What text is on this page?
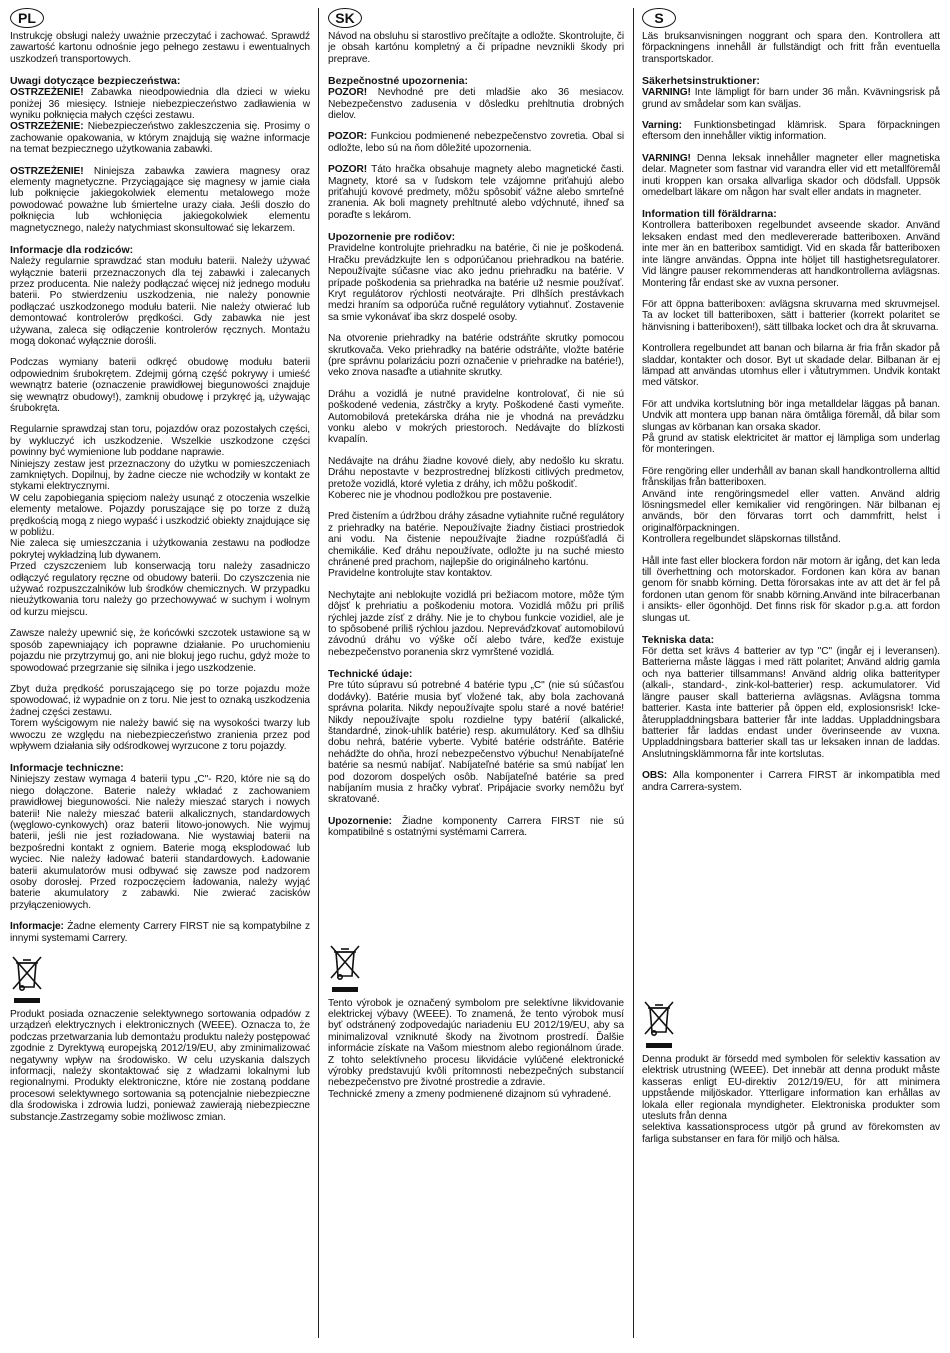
PL

Instrukcję obsługi należy uważnie przeczytać i zachować. Sprawdź zawartość kartonu odnośnie jego pełnego zestawu i ewentualnych uszkodzeń transportowych.

Uwagi dotyczące bezpieczeństwa:

OSTRZEŻENIE! Zabawka nieodpowiednia dla dzieci w wieku poniżej 36 miesięcy. Istnieje niebezpieczeństwo zadławienia w wyniku połknięcia małych części zestawu.

OSTRZEŻENIE: Niebezpieczeństwo zakleszczenia się. Prosimy o zachowanie opakowania, w którym znajdują się ważne informacje na temat bezpiecznego użytkowania zabawki.

OSTRZEŻENIE! Niniejsza zabawka zawiera magnesy oraz elementy magnetyczne. Przyciągające się magnesy w jamie ciała lub połknięcie jakiegokolwiek elementu metalowego może powodować poważne lub śmiertelne urazy ciała. Jeśli doszło do połknięcia lub wchłonięcia jakiegokolwiek elementu magnetycznego, należy natychmiast skonsultować się lekarzem.

Informacje dla rodziców:

Należy regularnie sprawdzać stan modułu baterii. Należy używać wyłącznie baterii przeznaczonych dla tej zabawki i zalecanych przez producenta. Nie należy podłączać więcej niż jednego modułu baterii. Po stwierdzeniu uszkodzenia, nie należy ponownie podłączać uszkodzonego modułu baterii. Nie należy otwierać lub demontować kontrolerów prędkości. Gdy zabawka nie jest używana, zaleca się odłączenie kontrolerów ręcznych. Montażu mogą dokonać wyłącznie dorośli.

Podczas wymiany baterii odkręć obudowę modułu baterii odpowiednim śrubokrętem. Zdejmij górną część pokrywy i umieść wewnątrz baterie (oznaczenie prawidłowej biegunowości znajduje się wewnątrz obudowy!), zamknij obudowę i przykręć ją, używając śrubokręta.

Regularnie sprawdzaj stan toru, pojazdów oraz pozostałych części, by wykluczyć ich uszkodzenie. Wszelkie uszkodzone części powinny być wymienione lub poddane naprawie.
Niniejszy zestaw jest przeznaczony do użytku w pomieszczeniach zamkniętych. Dopilnuj, by żadne ciecze nie wchodziły w kontakt ze stykami elektrycznymi.
W celu zapobiegania spięciom należy usunąć z otoczenia wszelkie elementy metalowe. Pojazdy poruszające się po torze z dużą prędkością mogą z niego wypaść i uszkodzić obiekty znajdujące się w pobliżu.
Nie zaleca się umieszczania i użytkowania zestawu na podłodze pokrytej wykładziną lub dywanem.
Przed czyszczeniem lub konserwacją toru należy zasadniczo odłączyć regulatory ręczne od obudowy baterii. Do czyszczenia nie używać rozpuszczalników lub środków chemicznych. W przypadku nieużytkowania toru należy go przechowywać w suchym i wolnym od kurzu miejscu.

Zawsze należy upewnić się, że końcówki szczotek ustawione są w sposób zapewniający ich poprawne działanie. Po uruchomieniu pojazdu nie przytrzymuj go, ani nie blokuj jego ruchu, gdyż może to spowodować przegrzanie się silnika i jego uszkodzenie.

Zbyt duża prędkość poruszającego się po torze pojazdu może spowodować, iż wypadnie on z toru. Nie jest to oznaką uszkodzenia żadnej części zestawu.
Torem wyścigowym nie należy bawić się na wysokości twarzy lub wwoczu ze względu na niebezpieczeństwo zranienia przez pod wpływem działania siły odśrodkowej wyrzucone z toru pojazdy.

Informacje techniczne:

Niniejszy zestaw wymaga 4 baterii typu „C"- R20, które nie są do niego dołączone. Baterie należy wkładać z zachowaniem prawidłowej biegunowości. Nie należy mieszać starych i nowych baterii! Nie należy mieszać baterii alkalicznych, standardowych (węglowo-cynkowych) oraz baterii litowo-jonowych. Nie wyjmuj baterii, jeśli nie jest rozładowana. Nie wystawiaj baterii na bezpośredni kontakt z ogniem. Baterie mogą eksplodować lub wyciec. Nie należy ładować baterii standardowych. Ładowanie baterii akumulatorów musi odbywać się zawsze pod nadzorem osoby dorosłej. Przed rozpoczęciem ładowania, należy wyjąć baterie akumulatory z zabawki. Nie zwierać zacisków przyłączeniowych.

Informacje: Żadne elementy Carrery FIRST nie są kompatybilne z innymi systemami Carrery.

Produkt posiada oznaczenie selektywnego sortowania odpadów z urządzeń elektrycznych i elektronicznych (WEEE). Oznacza to, że podczas przetwarzania lub demontażu produktu należy postępować zgodnie z Dyrektywą europejską 2012/19/EU, aby zminimalizować negatywny wpływ na środowisko. W celu uzyskania dalszych informacji, należy skontaktować się z władzami lokalnymi lub regionalnymi. Produkty elektroniczne, które nie zostaną poddane procesowi selektywnego sortowania są potencjalnie niebezpieczne dla środowiska i zdrowia ludzi, ponieważ zawierają niebezpieczne substancje.Zastrzegamy sobie możliwosc zmian.

SK

Návod na obsluhu si starostlivo prečítajte a odložte. Skontrolujte, či je obsah kartónu kompletný a či prípadne nevznikli škody pri preprave.

Bezpečnostné upozornenia:

POZOR! Nevhodné pre deti mladšie ako 36 mesiacov. Nebezpečenstvo zadusenia v dôsledku prehltnutia drobných dielov.

POZOR: Funkciou podmienené nebezpečenstvo zovretia. Obal si odložte, lebo sú na ňom dôležité upozornenia.

POZOR! Táto hračka obsahuje magnety alebo magnetické časti. Magnety, ktoré sa v ľudskom tele vzájomne priťahujú alebo priťahujú kovové predmety, môžu spôsobiť vážne alebo smrteľné zranenia. Ak boli magnety prehltnuté alebo vdýchnuté, ihneď sa poraďte s lekárom.

Upozornenie pre rodičov:

Pravidelne kontrolujte priehradku na batérie, či nie je poškodená. Hračku prevádzkujte len s odporúčanou priehradkou na batérie. Nepoužívajte súčasne viac ako jednu priehradku na batérie. V prípade poškodenia sa priehradka na batérie už nesmie používať. Kryt regulátorov rýchlosti neotvárajte. Pri dlhších prestávkach medzi hraním sa odporúča ručné regulátory vytiahnuť. Zostavenie sa smie vykonávať iba skrz dospelé osoby.

Na otvorenie priehradky na batérie odstráňte skrutky pomocou skrutkovača. Veko priehradky na batérie odstráňte, vložte batérie (pre správnu polarizáciu pozri označenie v priehradke na batérie!), veko znova nasaďte a utiahnite skrutky.

Dráhu a vozidlá je nutné pravidelne kontrolovať, či nie sú poškodené vedenia, zástrčky a kryty. Poškodené časti vymeňte. Automobilová pretekárska dráha nie je vhodná na prevádzku vonku alebo v mokrých priestoroch. Nedávajte do blízkosti kvapalín.

Nedávajte na dráhu žiadne kovové diely, aby nedošlo ku skratu. Dráhu nepostavte v bezprostrednej blízkosti citlivých predmetov, pretože vozidlá, ktoré vyletia z dráhy, ich môžu poškodiť.
Koberec nie je vhodnou podložkou pre postavenie.

Pred čistením a údržbou dráhy zásadne vytiahnite ručné regulátory z priehradky na batérie. Nepoužívajte žiadny čistiaci prostriedok ani vodu. Na čistenie nepoužívajte žiadne rozpúšťadlá či chemikálie. Keď dráhu nepoužívate, odložte ju na suché miesto chránené pred prachom, najlepšie do originálneho kartónu.
Pravidelne kontrolujte stav kontaktov.

Nechytajte ani neblokujte vozidlá pri bežiacom motore, môže tým dôjsť k prehriatiu a poškodeniu motora. Vozidlá môžu pri príliš rýchlej jazde zísť z dráhy. Nie je to chybou funkcie vozidiel, ale je to spôsobené príliš rýchlou jazdou. Nepreváďzkovať automobilovú závodnú dráhu vo výške očí alebo tváre, keďže existuje nebezpečenstvo poranenia skrz vymrštené vozidlá.

Technické údaje:

Pre túto súpravu sú potrebné 4 batérie typu „C" (nie sú súčasťou dodávky). Batérie musia byť vložené tak, aby bola zachovaná správna polarita. Nikdy nepoužívajte spolu staré a nové batérie! Nikdy nepoužívajte spolu rozdielne typy batérií (alkalické, štandardné, zinok-uhlík batérie) resp. akumulátory. Keď sa dlhšiu dobu nehrá, batérie vyberte. Vybité batérie odstráňte. Batérie nehádžte do ohňa, hrozí nebezpečenstvo výbuchu! Nenabíjateľné batérie sa nesmú nabíjať. Nabíjateľné batérie sa smú nabíjať len pod dozorom dospelých osôb. Nabíjateľné batérie sa pred nabíjaním musia z hračky vybrať. Pripájacie svorky nemôžu byť skratované.

Upozornenie: Žiadne komponenty Carrera FIRST nie sú kompatibilné s ostatnými systémami Carrera.

Tento výrobok je označený symbolom pre selektívne likvidovanie elektrickej výbavy (WEEE). To znamená, že tento výrobok musí byť odstránený zodpovedajúc nariadeniu EU 2012/19/EU, aby sa minimalizoval vzniknuté škody na životnom prostredí. Ďalšie informácie získate na Vašom miestnom alebo regionálnom úrade. Z tohto selektívneho procesu likvidácie vylúčené elektronické výrobky predstavujú kvôli prítomnosti nebezpečných substancií nebezpečenstvo pre životné prostredie a zdravie.
Technické zmeny a zmeny podmienené dizajnom sú vyhradené.

S

Läs bruksanvisningen noggrant och spara den. Kontrollera att förpackningens innehåll är fullständigt och fritt från eventuella transportskador.

Säkerhetsinstruktioner:

VARNING! Inte lämpligt för barn under 36 mån. Kvävningsrisk på grund av smådelar som kan sväljas.

Varning: Funktionsbetingad klämrisk. Spara förpackningen eftersom den innehåller viktig information.

VARNING! Denna leksak innehåller magneter eller magnetiska delar. Magneter som fastnar vid varandra eller vid ett metallföremål inuti kroppen kan orsaka allvarliga skador och dödsfall. Uppsök omedelbart läkare om någon har svalt eller andats in magneter.

Information till föräldrarna:

Kontrollera batteriboxen regelbundet avseende skador. Använd leksaken endast med den medlevererade batteriboxen. Använd inte mer än en batteribox samtidigt. Vid en skada får batteriboxen inte längre användas. Öppna inte höljet till hastighetsregulatorer. Vid längre pauser rekommenderas att handkontrollerna avlägsnas. Montering får endast ske av vuxna personer.

För att öppna batteriboxen: avlägsna skruvarna med skruvmejsel. Ta av locket till batteriboxen, sätt i batterier (korrekt polaritet se hänvisning i batteriboxen!), sätt tillbaka locket och dra åt skruvarna.

Kontrollera regelbundet att banan och bilarna är fria från skador på sladdar, kontakter och dosor. Byt ut skadade delar. Bilbanan är ej lämpad att användas utomhus eller i våtutrymmen. Undvik kontakt med vätskor.

För att undvika kortslutning bör inga metalldelar läggas på banan. Undvik att montera upp banan nära ömtåliga föremål, då bilar som slungas av körbanan kan orsaka skador.
På grund av statisk elektricitet är mattor ej lämpliga som underlag för monteringen.

Före rengöring eller underhåll av banan skall handkontrollerna alltid frånskiljas från batteriboxen.
Använd inte rengöringsmedel eller vatten. Använd aldrig lösningsmedel eller kemikalier vid rengöringen. När bilbanan ej används, bör den förvaras torrt och dammfritt, helst i originalförpackningen.
Kontrollera regelbundet släpskornas tillstånd.

Håll inte fast eller blockera fordon när motorn är igång, det kan leda till överhettning och motorskador. Fordonen kan köra av banan genom för snabb körning. Detta förorsakas inte av att det är fel på fordonen utan genom för snabb körning.Använd inte bilracerbanan i ansikts- eller ögonhöjd. Det finns risk för skador p.g.a. att fordon slungas ut.

Tekniska data:

För detta set krävs 4 batterier av typ "C" (ingår ej i leveransen). Batterierna måste läggas i med rätt polaritet; Använd aldrig gamla och nya batterier tillsammans! Använd aldrig olika batterityper (alkali-, standard-, zink-kol-batterier) resp. ackumulatorer. Vid längre pauser skall batterierna avlägsnas. Avlägsna tomma batterier. Kasta inte batterier på öppen eld, explosionsrisk! Icke-återuppladdningsbara batterier får inte laddas. Uppladdningsbara batterier får laddas endast under överinseende av vuxna. Uppladdningsbara batterier skall tas ur leksaken innan de laddas. Anslutningsklämmorna får inte kortslutas.

OBS: Alla komponenter i Carrera FIRST är inkompatibla med andra Carrera-system.

Denna produkt är försedd med symbolen för selektiv kassation av elektrisk utrustning (WEEE). Det innebär att denna produkt måste kasseras enligt EU-direktiv 2012/19/EU, för att minimera uppstående miljöskador. Ytterligare information kan erhållas av lokala eller regionala myndigheter. Elektroniska produkter som utesluts från denna
selektiva kassationsprocess utgör på grund av förekomsten av farliga substanser en fara för miljö och hälsa.
